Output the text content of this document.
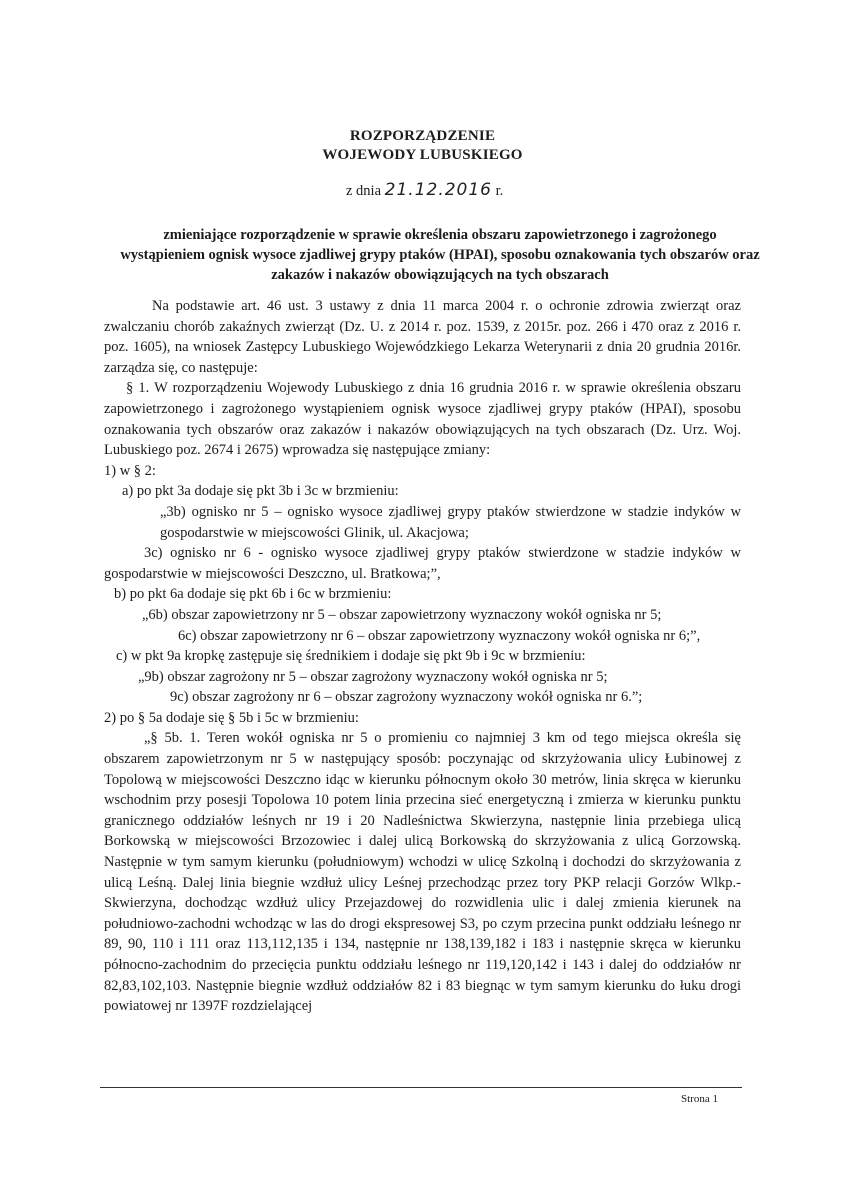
ROZPORZĄDZENIE
WOJEWODY LUBUSKIEGO
z dnia 21.12.2016 r.
zmieniające rozporządzenie w sprawie określenia obszaru zapowietrzonego i zagrożonego wystąpieniem ognisk wysoce zjadliwej grypy ptaków (HPAI), sposobu oznakowania tych obszarów oraz zakazów i nakazów obowiązujących na tych obszarach

Na podstawie art. 46 ust. 3 ustawy z dnia 11 marca 2004 r. o ochronie zdrowia zwierząt oraz zwalczaniu chorób zakaźnych zwierząt (Dz. U. z 2014 r. poz. 1539, z 2015r. poz. 266 i 470 oraz z 2016 r. poz. 1605), na wniosek Zastępcy Lubuskiego Wojewódzkiego Lekarza Weterynarii z dnia 20 grudnia 2016r. zarządza się, co następuje:

§ 1. W rozporządzeniu Wojewody Lubuskiego z dnia 16 grudnia 2016 r. w sprawie określenia obszaru zapowietrzonego i zagrożonego wystąpieniem ognisk wysoce zjadliwej grypy ptaków (HPAI), sposobu oznakowania tych obszarów oraz zakazów i nakazów obowiązujących na tych obszarach (Dz. Urz. Woj. Lubuskiego poz. 2674 i 2675) wprowadza się następujące zmiany:

1) w § 2:

a) po pkt 3a dodaje się pkt 3b i 3c w brzmieniu:

„3b) ognisko nr 5 – ognisko wysoce zjadliwej grypy ptaków stwierdzone w stadzie indyków w gospodarstwie w miejscowości Glinik, ul. Akacjowa;

3c) ognisko nr 6 - ognisko wysoce zjadliwej grypy ptaków stwierdzone w stadzie indyków w gospodarstwie w miejscowości Deszczno, ul. Bratkowa;”,

b) po pkt 6a dodaje się pkt 6b i 6c w brzmieniu:

„6b) obszar zapowietrzony nr 5 – obszar zapowietrzony wyznaczony wokół ogniska nr 5;

6c) obszar zapowietrzony nr 6 – obszar zapowietrzony wyznaczony wokół ogniska nr 6;”,

c) w pkt 9a kropkę zastępuje się średnikiem i dodaje się pkt 9b i 9c w brzmieniu:

„9b) obszar zagrożony nr 5 – obszar zagrożony wyznaczony wokół ogniska nr 5;

9c) obszar zagrożony nr 6 – obszar zagrożony wyznaczony wokół ogniska nr 6.”;

2) po § 5a dodaje się § 5b i 5c w brzmieniu:

„§ 5b. 1. Teren wokół ogniska nr 5 o promieniu co najmniej 3 km od tego miejsca określa się obszarem zapowietrzonym nr 5 w następujący sposób: poczynając od skrzyżowania ulicy Łubinowej z Topolową w miejscowości Deszczno idąc w kierunku północnym około 30 metrów, linia skręca w kierunku wschodnim przy posesji Topolowa 10 potem linia przecina sieć energetyczną i zmierza w kierunku punktu granicznego oddziałów leśnych nr 19 i 20 Nadleśnictwa Skwierzyna, następnie linia przebiega ulicą Borkowską w miejscowości Brzozowiec i dalej ulicą Borkowską do skrzyżowania z ulicą Gorzowską. Następnie w tym samym kierunku (południowym) wchodzi w ulicę Szkolną i dochodzi do skrzyżowania z ulicą Leśną. Dalej linia biegnie wzdłuż ulicy Leśnej przechodząc przez tory PKP relacji Gorzów Wlkp.- Skwierzyna, dochodząc wzdłuż ulicy Przejazdowej do rozwidlenia ulic i dalej zmienia kierunek na południowo-zachodni wchodząc w las do drogi ekspresowej S3, po czym przecina punkt oddziału leśnego nr 89, 90, 110 i 111 oraz 113,112,135 i 134, następnie nr 138,139,182 i 183 i następnie skręca w kierunku północno-zachodnim do przecięcia punktu oddziału leśnego nr 119,120,142 i 143 i dalej do oddziałów nr 82,83,102,103. Następnie biegnie wzdłuż oddziałów 82 i 83 biegnąc w tym samym kierunku do łuku drogi powiatowej nr 1397F rozdzielającej

Strona 1
